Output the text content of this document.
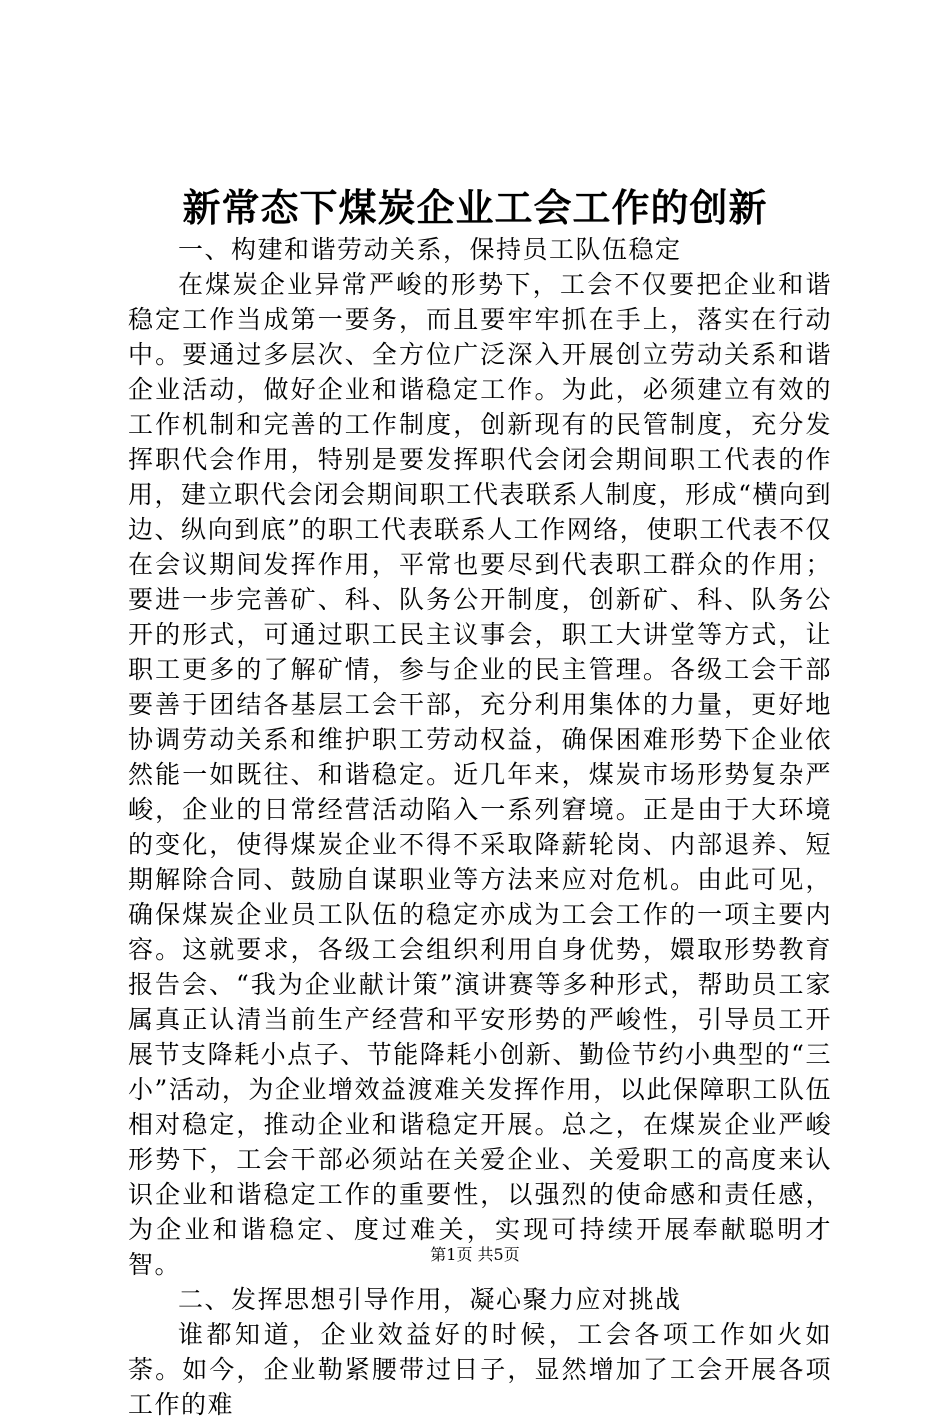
新常态下煤炭企业工会工作的创新

一、构建和谐劳动关系，保持员工队伍稳定

在煤炭企业异常严峻的形势下，工会不仅要把企业和谐稳定工作当成第一要务，而且要牢牢抓在手上，落实在行动中。要通过多层次、全方位广泛深入开展创立劳动关系和谐企业活动，做好企业和谐稳定工作。为此，必须建立有效的工作机制和完善的工作制度，创新现有的民管制度，充分发挥职代会作用，特别是要发挥职代会闭会期间职工代表的作用，建立职代会闭会期间职工代表联系人制度，形成“横向到边、纵向到底”的职工代表联系人工作网络，使职工代表不仅在会议期间发挥作用，平常也要尽到代表职工群众的作用；要进一步完善矿、科、队务公开制度，创新矿、科、队务公开的形式，可通过职工民主议事会，职工大讲堂等方式，让职工更多的了解矿情，参与企业的民主管理。各级工会干部要善于团结各基层工会干部，充分利用集体的力量，更好地协调劳动关系和维护职工劳动权益，确保困难形势下企业依然能一如既往、和谐稳定。近几年来，煤炭市场形势复杂严峻，企业的日常经营活动陷入一系列窘境。正是由于大环境的变化，使得煤炭企业不得不采取降薪轮岗、内部退养、短期解除合同、鼓励自谋职业等方法来应对危机。由此可见，确保煤炭企业员工队伍的稳定亦成为工会工作的一项主要内容。这就要求，各级工会组织利用自身优势，嬛取形势教育报告会、“我为企业献计策”演讲赛等多种形式，帮助员工家属真正认清当前生产经营和平安形势的严峻性，引导员工开展节支降耗小点子、节能降耗小创新、勤俭节约小典型的“三小”活动，为企业增效益渡难关发挥作用，以此保障职工队伍相对稳定，推动企业和谐稳定开展。总之，在煤炭企业严峻形势下，工会干部必须站在关爱企业、关爱职工的高度来认识企业和谐稳定工作的重要性，以强烈的使命感和责任感，为企业和谐稳定、度过难关，实现可持续开展奉献聪明才智。

二、发挥思想引导作用，凝心聚力应对挑战

谁都知道，企业效益好的时候，工会各项工作如火如荼。如今，企业勒紧腰带过日子，显然增加了工会开展各项工作的难

第1页 共5页
